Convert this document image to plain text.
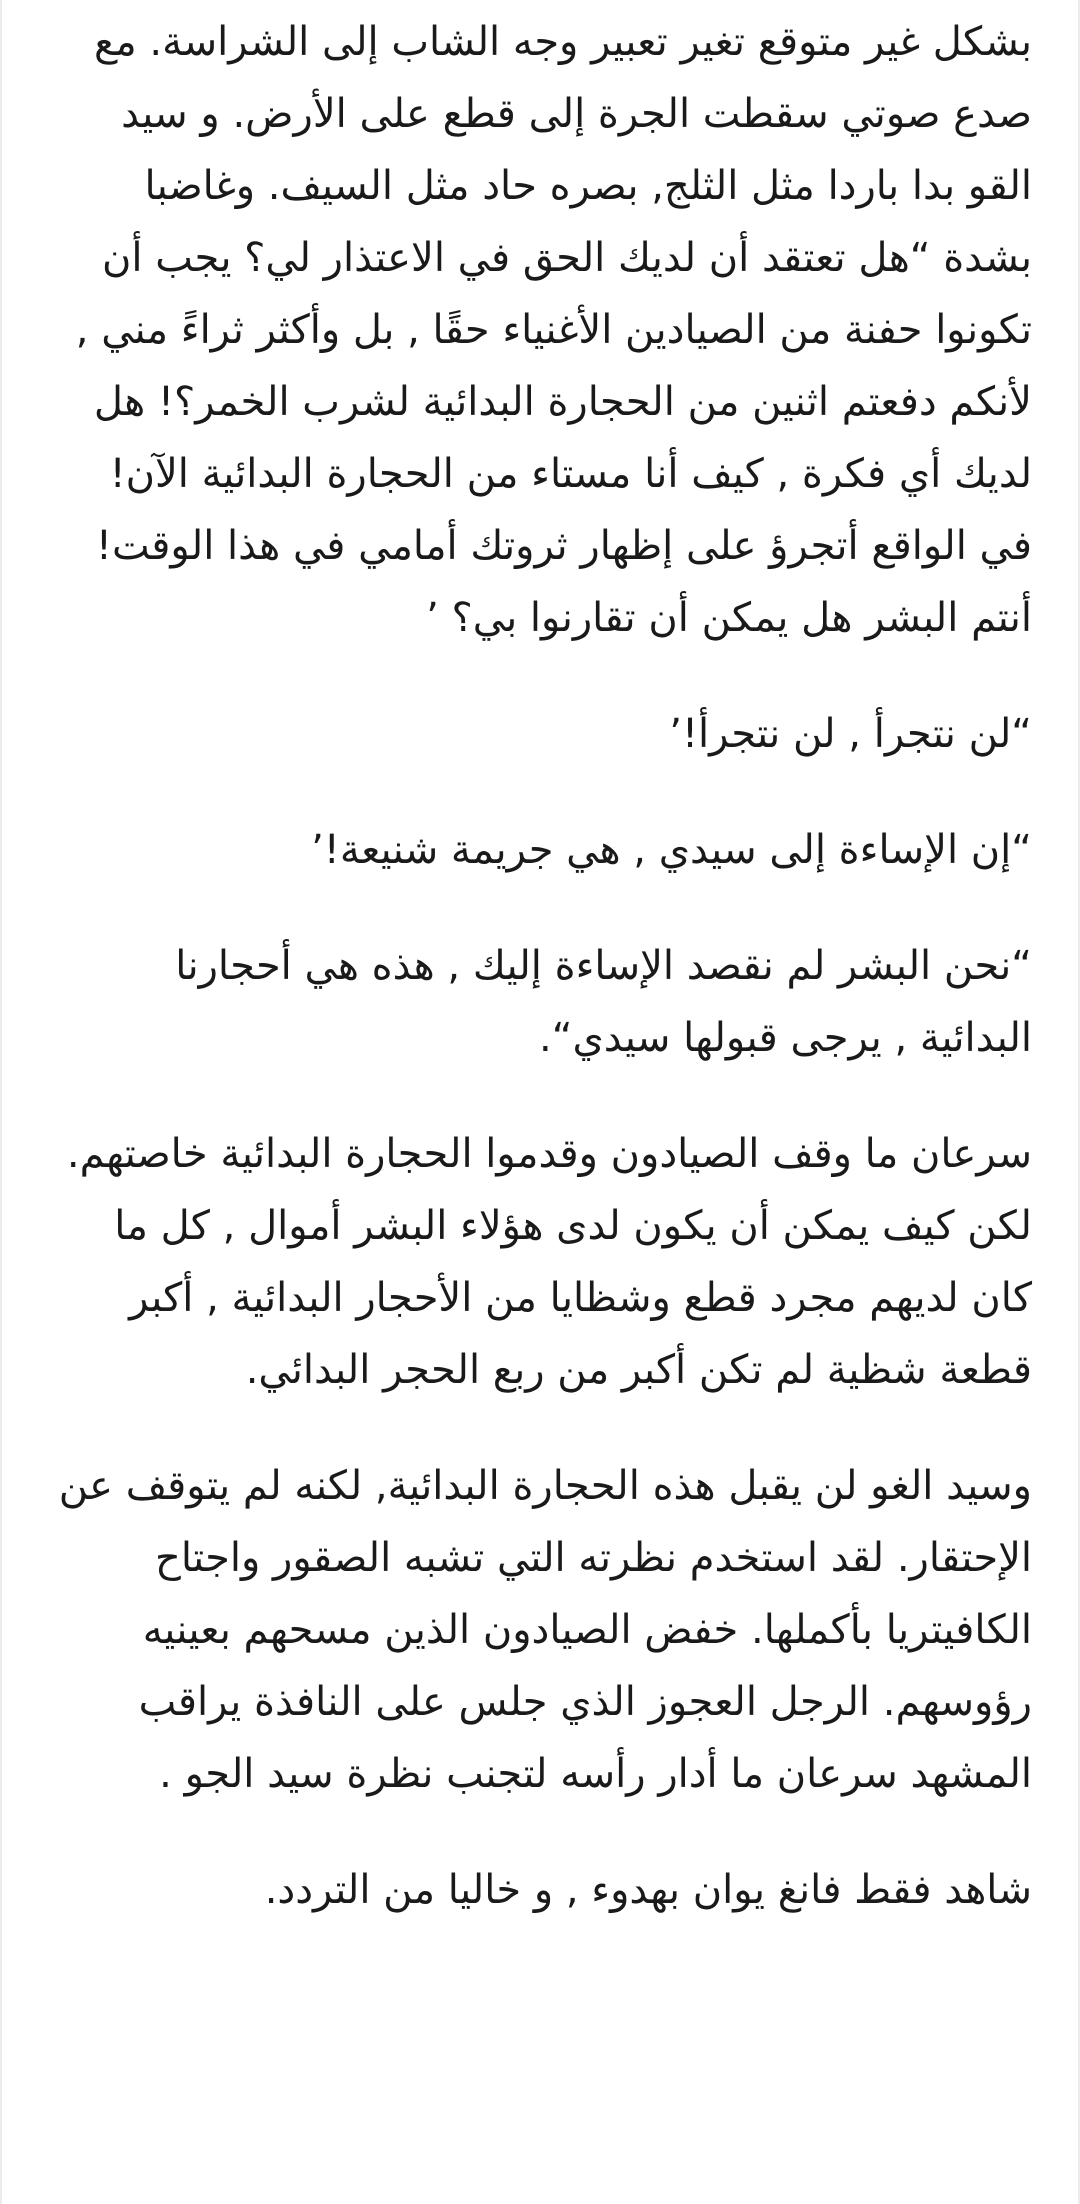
بشكل غير متوقع تغير تعبير وجه الشاب إلى الشراسة. مع صدع صوتي سقطت الجرة إلى قطع على الأرض. و سيد القو بدا باردا مثل الثلج, بصره حاد مثل السيف. وغاضبا بشدة “هل تعتقد أن لديك الحق في الاعتذار لي؟ يجب أن تكونوا حفنة من الصيادين الأغنياء حقًا , بل وأكثر ثراءً مني , لأنكم دفعتم اثنين من الحجارة البدائية لشرب الخمر؟! هل لديك أي فكرة , كيف أنا مستاء من الحجارة البدائية الآن! في الواقع أتجرؤ على إظهار ثروتك أمامي في هذا الوقت! أنتم البشر هل يمكن أن تقارنوا بي؟ ’

“لن نتجرأ , لن نتجرأ!’

“إن الإساءة إلى سيدي , هي جريمة شنيعة!’

“نحن البشر لم نقصد الإساءة إليك , هذه هي أحجارنا البدائية , يرجى قبولها سيدي“.

سرعان ما وقف الصيادون وقدموا الحجارة البدائية خاصتهم. لكن كيف يمكن أن يكون لدى هؤلاء البشر أموال , كل ما كان لديهم مجرد قطع وشظايا من الأحجار البدائية , أكبر قطعة شظية لم تكن أكبر من ربع الحجر البدائي.

وسيد الغو لن يقبل هذه الحجارة البدائية, لكنه لم يتوقف عن الإحتقار. لقد استخدم نظرته التي تشبه الصقور واجتاح الكافيتريا بأكملها. خفض الصيادون الذين مسحهم بعينيه رؤوسهم. الرجل العجوز الذي جلس على النافذة يراقب المشهد سرعان ما أدار رأسه لتجنب نظرة سيد الجو .

شاهد فقط فانغ يوان بهدوء , و خاليا من التردد.
